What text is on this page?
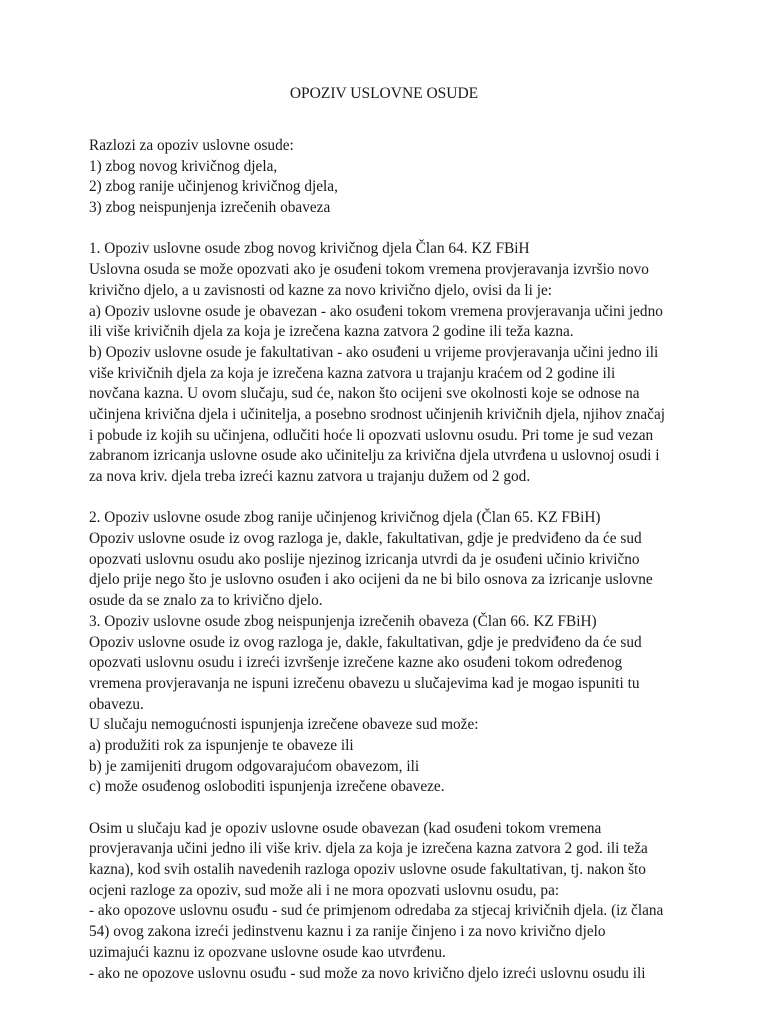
OPOZIV USLOVNE OSUDE
Razlozi za opoziv uslovne osude:
1) zbog novog krivičnog djela,
2) zbog ranije učinjenog krivičnog djela,
3) zbog neispunjenja izrečenih obaveza
1. Opoziv uslovne osude zbog novog krivičnog djela Član 64. KZ FBiH
Uslovna osuda se može opozvati ako je osuđeni tokom vremena provjeravanja izvršio novo
krivično djelo, a u zavisnosti od kazne za novo krivično djelo, ovisi da li je:
a) Opoziv uslovne osude je obavezan - ako osuđeni tokom vremena provjeravanja učini jedno
ili više krivičnih djela za koja je izrečena kazna zatvora 2 godine ili teža kazna.
b) Opoziv uslovne osude je fakultativan - ako osuđeni u vrijeme provjeravanja učini jedno ili
više krivičnih djela za koja je izrečena kazna zatvora u trajanju kraćem od 2 godine ili
novčana kazna. U ovom slučaju, sud će, nakon što ocijeni sve okolnosti koje se odnose na
učinjena krivična djela i učinitelja, a posebno srodnost učinjenih krivičnih djela, njihov značaj
i pobude iz kojih su učinjena, odlučiti hoće li opozvati uslovnu osudu. Pri tome je sud vezan
zabranom izricanja uslovne osude ako učinitelju za krivična djela utvrđena u uslovnoj osudi i
za nova kriv. djela treba izreći kaznu zatvora u trajanju dužem od 2 god.
2. Opoziv uslovne osude zbog ranije učinjenog krivičnog djela (Član 65. KZ FBiH)
Opoziv uslovne osude iz ovog razloga je, dakle, fakultativan, gdje je predviđeno da će sud
opozvati uslovnu osudu ako poslije njezinog izricanja utvrdi da je osuđeni učinio krivično
djelo prije nego što je uslovno osuđen i ako ocijeni da ne bi bilo osnova za izricanje uslovne
osude da se znalo za to krivično djelo.
3. Opoziv uslovne osude zbog neispunjenja izrečenih obaveza (Član 66. KZ FBiH)
Opoziv uslovne osude iz ovog razloga je, dakle, fakultativan, gdje je predviđeno da će sud
opozvati uslovnu osudu i izreći izvršenje izrečene kazne ako osuđeni tokom određenog
vremena provjeravanja ne ispuni izrečenu obavezu u slučajevima kad je mogao ispuniti tu
obavezu.
U slučaju nemogućnosti ispunjenja izrečene obaveze sud može:
a) produžiti rok za ispunjenje te obaveze ili
b) je zamijeniti drugom odgovarajućom obavezom, ili
c) može osuđenog osloboditi ispunjenja izrečene obaveze.
Osim u slučaju kad je opoziv uslovne osude obavezan (kad osuđeni tokom vremena
provjeravanja učini jedno ili više kriv. djela za koja je izrečena kazna zatvora 2 god. ili teža
kazna), kod svih ostalih navedenih razloga opoziv uslovne osude fakultativan, tj. nakon što
ocjeni razloge za opoziv, sud može ali i ne mora opozvati uslovnu osudu, pa:
- ako opozove uslovnu osuđu - sud će primjenom odredaba za stjecaj krivičnih djela. (iz člana
54) ovog zakona izreći jedinstvenu kaznu i za ranije činjeno i za novo krivično djelo
uzimajući kaznu iz opozvane uslovne osude kao utvrđenu.
- ako ne opozove uslovnu osuđu - sud može za novo krivično djelo izreći uslovnu osudu ili
